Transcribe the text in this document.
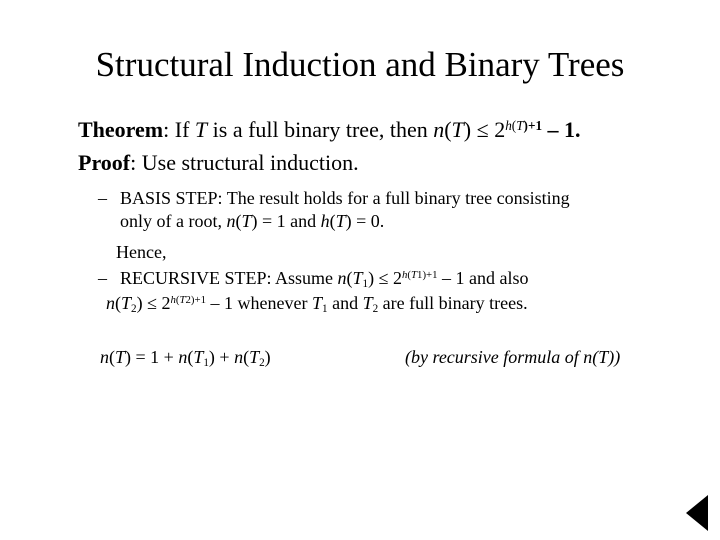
Structural Induction and Binary Trees
Theorem: If T is a full binary tree, then $n(T) \le 2^{h(T)+1} - 1$.
Proof: Use structural induction.
– BASIS STEP: The result holds for a full binary tree consisting
only of a root, n(T) = 1 and h(T) = 0.
Hence,
– RECURSIVE STEP: Assume $n(T_1) \le 2^{h(T1)+1} - 1$ and also
$n(T_2) \le 2^{h(T2)+1} - 1$ whenever $T_1$ and $T_2$ are full binary trees.
$n(T) = 1 + n(T_1) + n(T_2)$	(by recursive formula of n(T))
